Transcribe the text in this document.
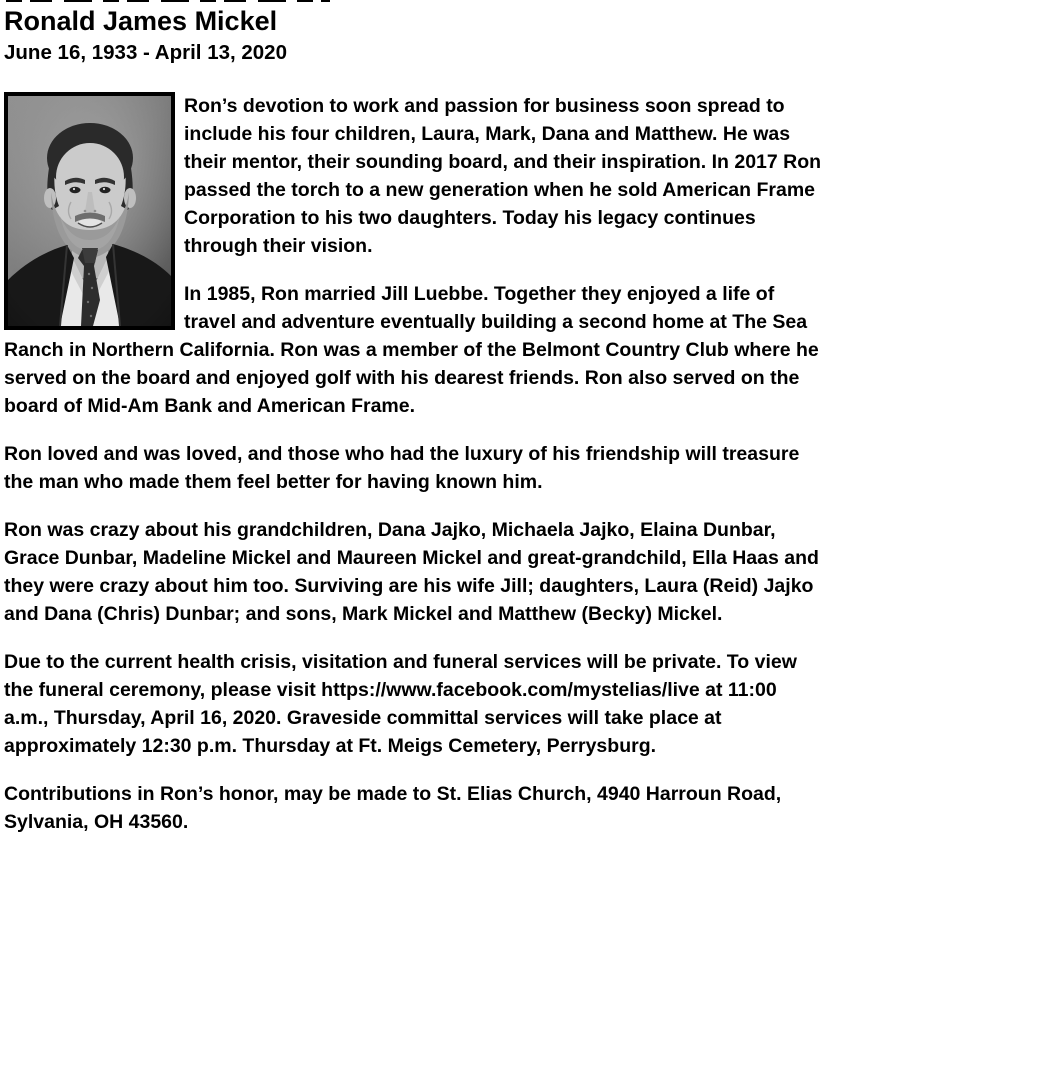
Ronald James Mickel
June 16, 1933 - April 13, 2020

Ron’s devotion to work and passion for business soon spread to include his four children, Laura, Mark, Dana and Matthew. He was their mentor, their sounding board, and their inspiration. In 2017 Ron passed the torch to a new generation when he sold American Frame Corporation to his two daughters. Today his legacy continues through their vision.

In 1985, Ron married Jill Luebbe. Together they enjoyed a life of travel and adventure eventually building a second home at The Sea Ranch in Northern California. Ron was a member of the Belmont Country Club where he served on the board and enjoyed golf with his dearest friends. Ron also served on the board of Mid-Am Bank and American Frame.

Ron loved and was loved, and those who had the luxury of his friendship will treasure the man who made them feel better for having known him.

Ron was crazy about his grandchildren, Dana Jajko, Michaela Jajko, Elaina Dunbar, Grace Dunbar, Madeline Mickel and Maureen Mickel and great-grandchild, Ella Haas and they were crazy about him too. Surviving are his wife Jill; daughters, Laura (Reid) Jajko and Dana (Chris) Dunbar; and sons, Mark Mickel and Matthew (Becky) Mickel.

Due to the current health crisis, visitation and funeral services will be private. To view the funeral ceremony, please visit https://www.facebook.com/mystelias/live at 11:00 a.m., Thursday, April 16, 2020. Graveside committal services will take place at approximately 12:30 p.m. Thursday at Ft. Meigs Cemetery, Perrysburg.

Contributions in Ron’s honor, may be made to St. Elias Church, 4940 Harroun Road, Sylvania, OH 43560.
